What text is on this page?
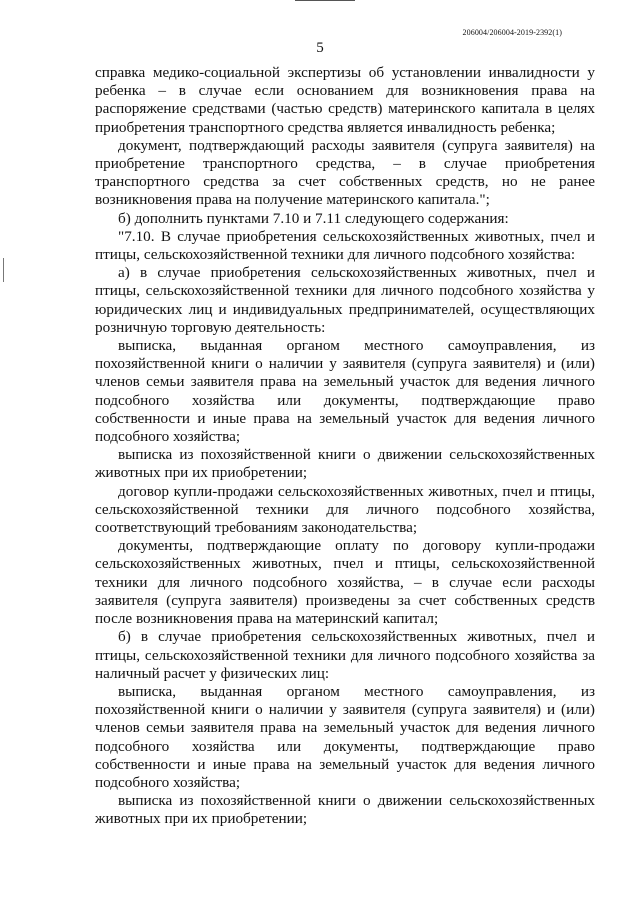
206004/206004-2019-2392(1)
5

справка медико-социальной экспертизы об установлении инвалидности у ребенка – в случае если основанием для возникновения права на распоряжение средствами (частью средств) материнского капитала в целях приобретения транспортного средства является инвалидность ребенка;

документ, подтверждающий расходы заявителя (супруга заявителя) на приобретение транспортного средства, – в случае приобретения транспортного средства за счет собственных средств, но не ранее возникновения права на получение материнского капитала.";

б) дополнить пунктами 7.10 и 7.11 следующего содержания:

"7.10. В случае приобретения сельскохозяйственных животных, пчел и птицы, сельскохозяйственной техники для личного подсобного хозяйства:

а) в случае приобретения сельскохозяйственных животных, пчел и птицы, сельскохозяйственной техники для личного подсобного хозяйства у юридических лиц и индивидуальных предпринимателей, осуществляющих розничную торговую деятельность:

выписка, выданная органом местного самоуправления, из похозяйственной книги о наличии у заявителя (супруга заявителя) и (или) членов семьи заявителя права на земельный участок для ведения личного подсобного хозяйства или документы, подтверждающие право собственности и иные права на земельный участок для ведения личного подсобного хозяйства;

выписка из похозяйственной книги о движении сельскохозяйственных животных при их приобретении;

договор купли-продажи сельскохозяйственных животных, пчел и птицы, сельскохозяйственной техники для личного подсобного хозяйства, соответствующий требованиям законодательства;

документы, подтверждающие оплату по договору купли-продажи сельскохозяйственных животных, пчел и птицы, сельскохозяйственной техники для личного подсобного хозяйства, – в случае если расходы заявителя (супруга заявителя) произведены за счет собственных средств после возникновения права на материнский капитал;

б) в случае приобретения сельскохозяйственных животных, пчел и птицы, сельскохозяйственной техники для личного подсобного хозяйства за наличный расчет у физических лиц:

выписка, выданная органом местного самоуправления, из похозяйственной книги о наличии у заявителя (супруга заявителя) и (или) членов семьи заявителя права на земельный участок для ведения личного подсобного хозяйства или документы, подтверждающие право собственности и иные права на земельный участок для ведения личного подсобного хозяйства;

выписка из похозяйственной книги о движении сельскохозяйственных животных при их приобретении;
